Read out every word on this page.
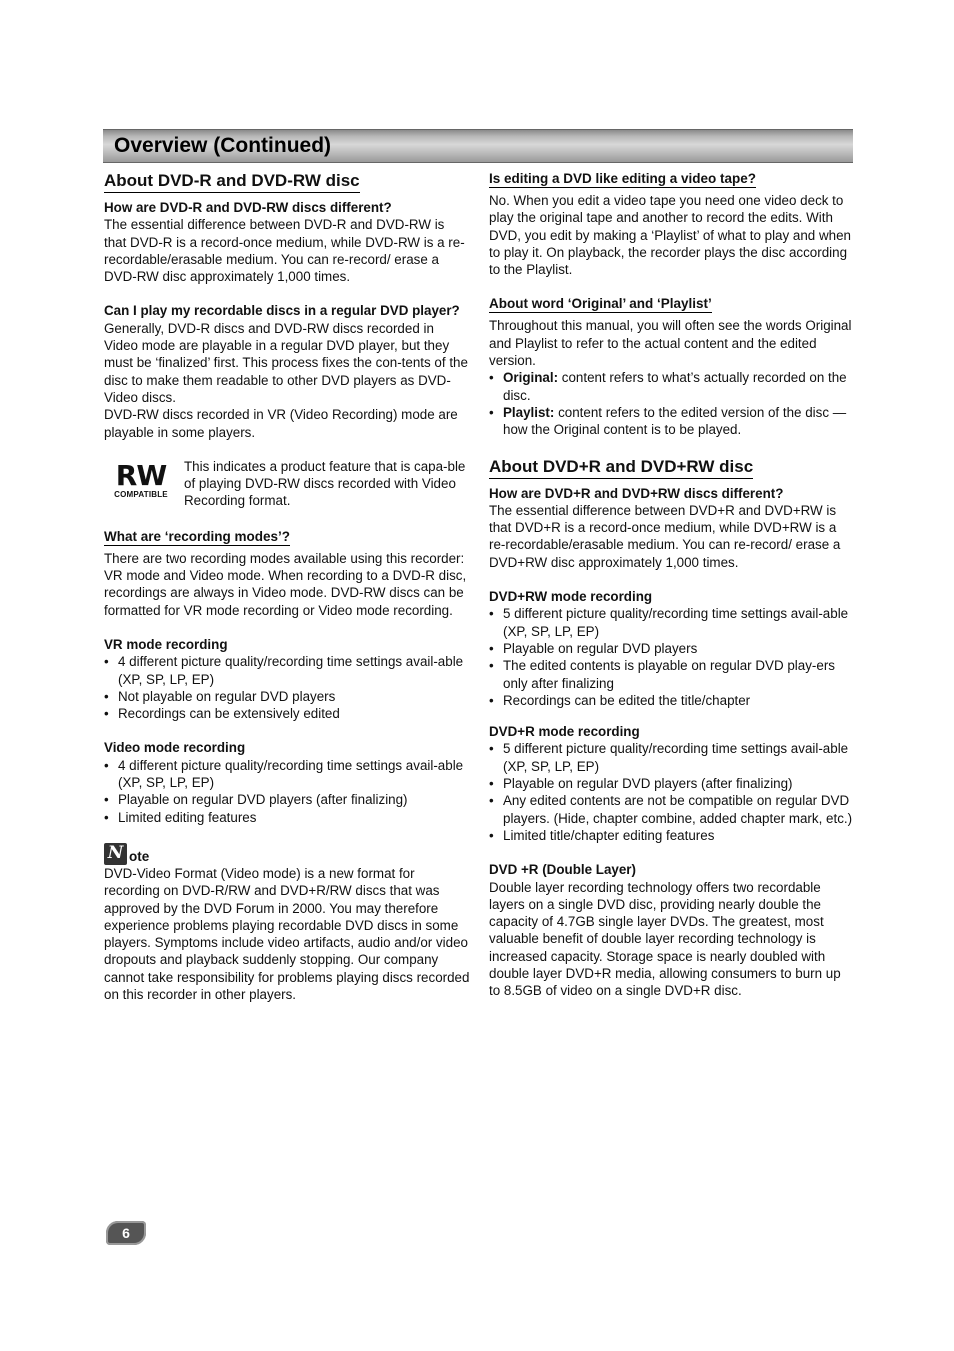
Overview (Continued)
About DVD-R and DVD-RW disc

How are DVD-R and DVD-RW discs different?

The essential difference between DVD-R and DVD-RW is that DVD-R is a record-once medium, while DVD-RW is a re-recordable/erasable medium. You can re-record/ erase a DVD-RW disc approximately 1,000 times.

Can I play my recordable discs in a regular DVD player?

Generally, DVD-R discs and DVD-RW discs recorded in Video mode are playable in a regular DVD player, but they must be ‘finalized’ first. This process fixes the con-tents of the disc to make them readable to other DVD players as DVD-Video discs.

DVD-RW discs recorded in VR (Video Recording) mode are playable in some players.

RW
COMPATIBLE

This indicates a product feature that is capa-ble of playing DVD-RW discs recorded with Video Recording format.

What are ‘recording modes’?

There are two recording modes available using this recorder: VR mode and Video mode. When recording to a DVD-R disc, recordings are always in Video mode. DVD-RW discs can be formatted for VR mode recording or Video mode recording.

VR mode recording

• 4 different picture quality/recording time settings avail-able (XP, SP, LP, EP)
• Not playable on regular DVD players
• Recordings can be extensively edited

Video mode recording

• 4 different picture quality/recording time settings avail-able (XP, SP, LP, EP)
• Playable on regular DVD players (after finalizing)
• Limited editing features
N ote

DVD-Video Format (Video mode) is a new format for recording on DVD-R/RW and DVD+R/RW discs that was approved by the DVD Forum in 2000. You may therefore experience problems playing recordable DVD discs in some players. Symptoms include video artifacts, audio and/or video dropouts and playback suddenly stopping. Our company cannot take responsibility for problems playing discs recorded on this recorder in other players.

Is editing a DVD like editing a video tape?

No. When you edit a video tape you need one video deck to play the original tape and another to record the edits. With DVD, you edit by making a ‘Playlist’ of what to play and when to play it. On playback, the recorder plays the disc according to the Playlist.

About word ‘Original’ and ‘Playlist’

Throughout this manual, you will often see the words Original and Playlist to refer to the actual content and the edited version.

• Original: content refers to what’s actually recorded on the disc.
• Playlist: content refers to the edited version of the disc — how the Original content is to be played.
About DVD+R and DVD+RW disc

How are DVD+R and DVD+RW discs different?

The essential difference between DVD+R and DVD+RW is that DVD+R is a record-once medium, while DVD+RW is a re-recordable/erasable medium. You can re-record/ erase a DVD+RW disc approximately 1,000 times.

DVD+RW mode recording

• 5 different picture quality/recording time settings avail-able (XP, SP, LP, EP)
• Playable on regular DVD players
• The edited contents is playable on regular DVD play-ers only after finalizing
• Recordings can be edited the title/chapter

DVD+R mode recording

• 5 different picture quality/recording time settings avail-able (XP, SP, LP, EP)
• Playable on regular DVD players (after finalizing)
• Any edited contents are not be compatible on regular DVD players. (Hide, chapter combine, added chapter mark, etc.)
• Limited title/chapter editing features

DVD +R (Double Layer)

Double layer recording technology offers two recordable layers on a single DVD disc, providing nearly double the capacity of 4.7GB single layer DVDs. The greatest, most valuable benefit of double layer recording technology is increased capacity. Storage space is nearly doubled with double layer DVD+R media, allowing consumers to burn up to 8.5GB of video on a single DVD+R disc.

6
